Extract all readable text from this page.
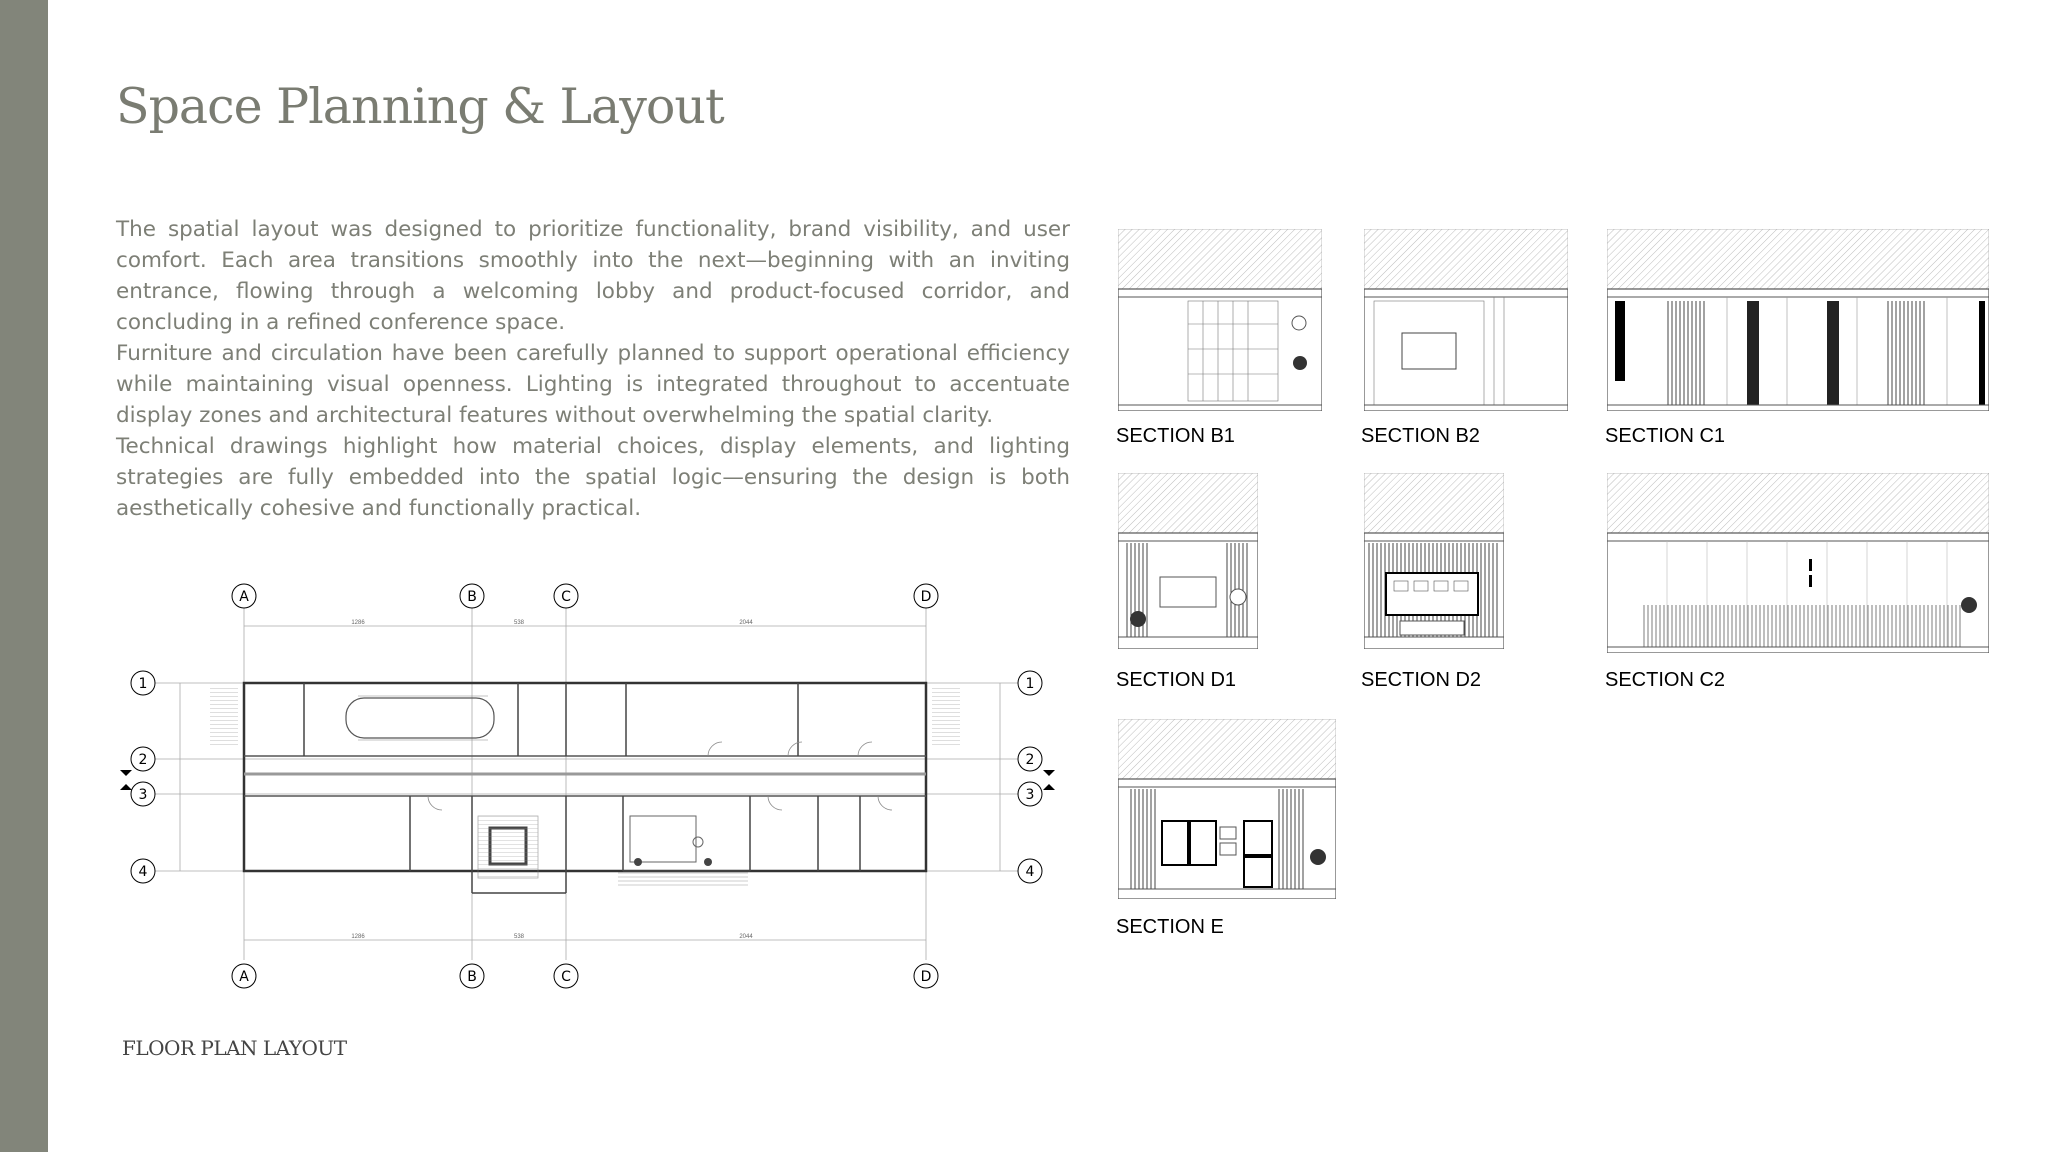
Space Planning & Layout

The spatial layout was designed to prioritize functionality, brand visibility, and user comfort. Each area transitions smoothly into the next—beginning with an inviting entrance, flowing through a welcoming lobby and product-focused corridor, and concluding in a refined conference space.

Furniture and circulation have been carefully planned to support operational efficiency while maintaining visual openness. Lighting is integrated throughout to accentuate display zones and architectural features without overwhelming the spatial clarity.

Technical drawings highlight how material choices, display elements, and lighting strategies are fully embedded into the spatial logic—ensuring the design is both aesthetically cohesive and functionally practical.

1286	538	2044
1286	538	2044
A	B	C	D
A	B	C	D
1
2
3
4
1
2
3
4
FLOOR PLAN LAYOUT
SECTION B1	SECTION B2	SECTION C1
SECTION D1	SECTION D2	SECTION C2
SECTION E
